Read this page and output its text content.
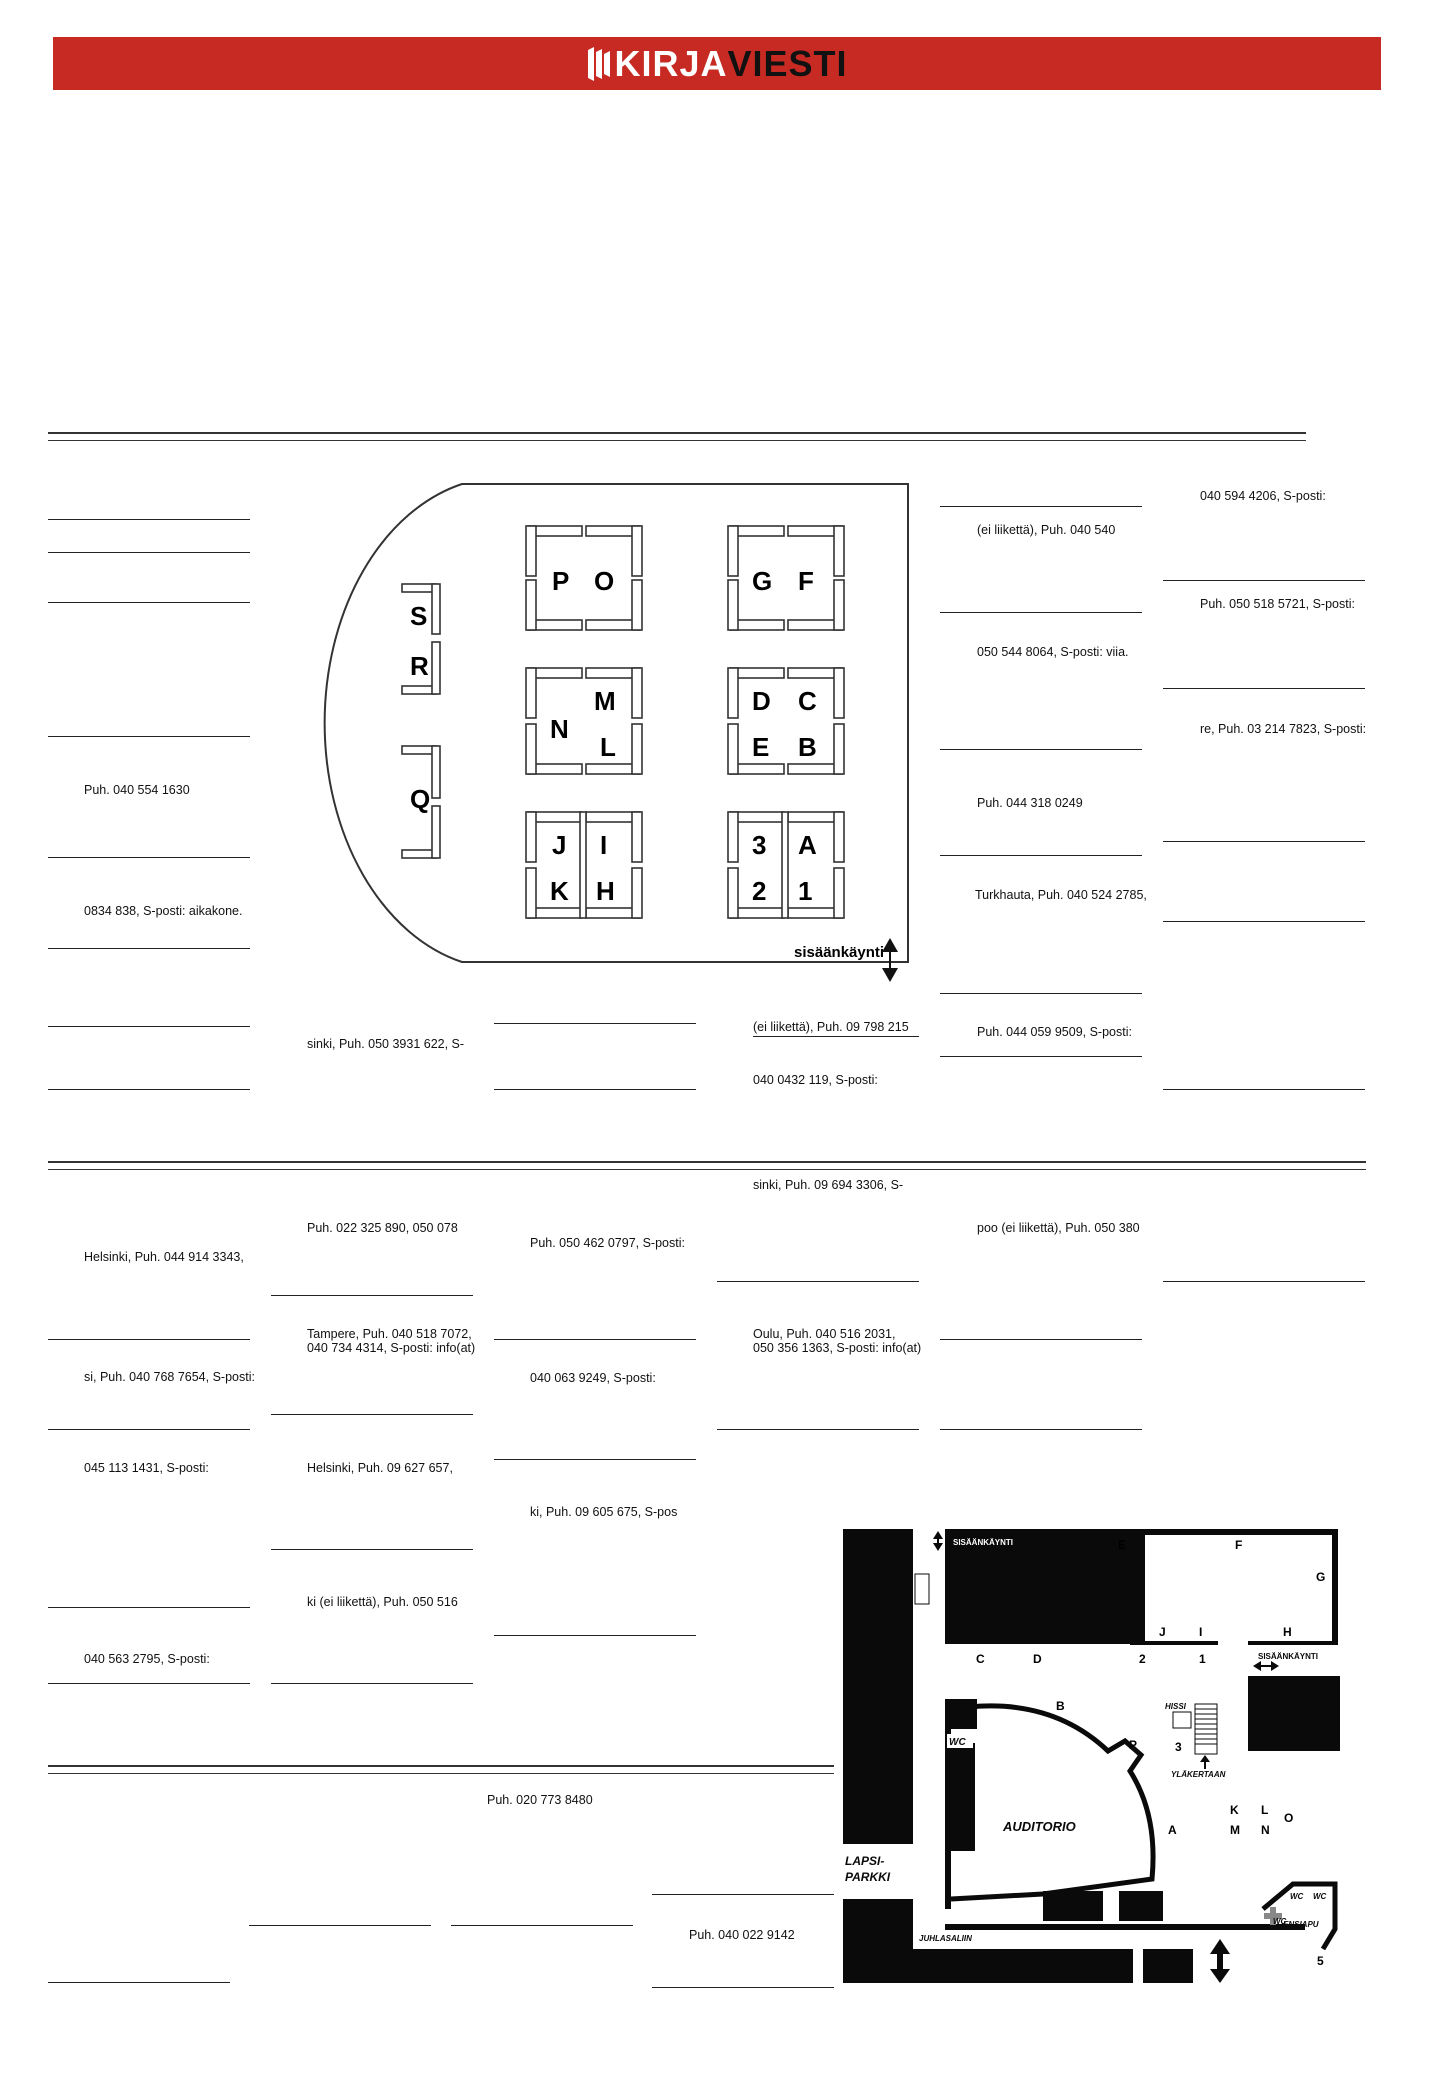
KIRJA VIESTI
Puh. 040 554 1630
0834 838, S-posti: aikakone.
P O	G F
S
R
Q
N
M
L
D C
E B
J I
K H
3 A
2 1
sisäänkäynti
sinki, Puh. 050 3931 622, S-
(ei liikettä), Puh. 09 798 215
040 0432 119, S-posti:
(ei liikettä), Puh. 040 540
050 544 8064, S-posti: viia.
Puh. 044 318 0249
Turkhauta, Puh. 040 524 2785,
Puh. 044 059 9509, S-posti:
040 594 4206, S-posti:
Puh. 050 518 5721, S-posti:
re, Puh. 03 214 7823, S-posti:
Helsinki, Puh. 044 914 3343,
si, Puh. 040 768 7654, S-posti:
045 113 1431, S-posti:
040 563 2795, S-posti:
Puh. 022 325 890, 050 078
Tampere, Puh. 040 518 7072,
040 734 4314, S-posti: info(at)
Helsinki, Puh. 09 627 657,
ki (ei liikettä), Puh. 050 516
Puh. 050 462 0797, S-posti:
040 063 9249, S-posti:
ki, Puh. 09 605 675, S-pos
sinki, Puh. 09 694 3306, S-
Oulu, Puh. 040 516 2031,
050 356 1363, S-posti: info(at)
poo (ei liikettä), Puh. 050 380
Puh. 020 773 8480
Puh. 040 022 9142
SISÄÄNKÄYNTI
SISÄÄNKÄYNTI
AUDITORIO
LAPSI-
PARKKI
JUHLASALIIN
YLÄKERTAAN
HISSI
WC
WC
WC WC
ENSIAPU
E	F
G
J	I	H
C	D	2	1
B
P	3
K L
M N
O
A
5
